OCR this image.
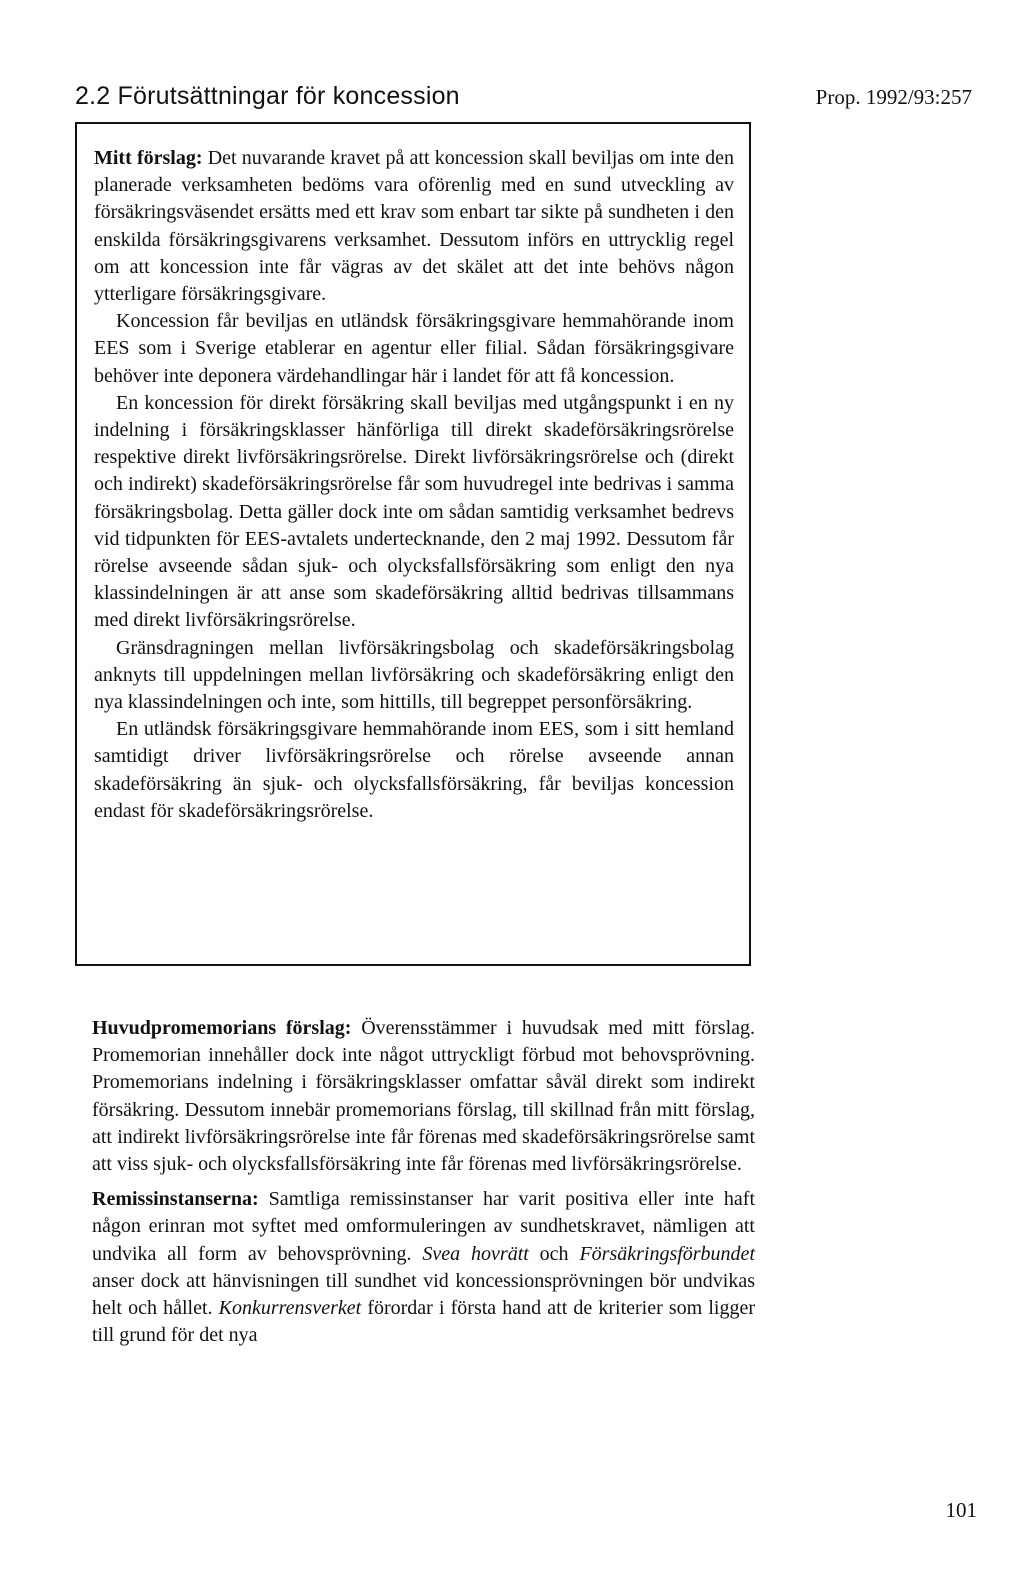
2.2 Förutsättningar för koncession	Prop. 1992/93:257

Mitt förslag: Det nuvarande kravet på att koncession skall beviljas om inte den planerade verksamheten bedöms vara oförenlig med en sund utveckling av försäkringsväsendet ersätts med ett krav som enbart tar sikte på sundheten i den enskilda försäkringsgivarens verksamhet. Dessutom införs en uttrycklig regel om att koncession inte får vägras av det skälet att det inte behövs någon ytterligare försäkringsgivare.

Koncession får beviljas en utländsk försäkringsgivare hemmahörande inom EES som i Sverige etablerar en agentur eller filial. Sådan försäkringsgivare behöver inte deponera värdehandlingar här i landet för att få koncession.

En koncession för direkt försäkring skall beviljas med utgångspunkt i en ny indelning i försäkringsklasser hänförliga till direkt skadeförsäkringsrörelse respektive direkt livförsäkringsrörelse. Direkt livförsäkringsrörelse och (direkt och indirekt) skadeförsäkringsrörelse får som huvudregel inte bedrivas i samma försäkringsbolag. Detta gäller dock inte om sådan samtidig verksamhet bedrevs vid tidpunkten för EES-avtalets undertecknande, den 2 maj 1992. Dessutom får rörelse avseende sådan sjuk- och olycksfallsförsäkring som enligt den nya klassindelningen är att anse som skadeförsäkring alltid bedrivas tillsammans med direkt livförsäkringsrörelse.

Gränsdragningen mellan livförsäkringsbolag och skadeförsäkringsbolag anknyts till uppdelningen mellan livförsäkring och skadeförsäkring enligt den nya klassindelningen och inte, som hittills, till begreppet personförsäkring.

En utländsk försäkringsgivare hemmahörande inom EES, som i sitt hemland samtidigt driver livförsäkringsrörelse och rörelse avseende annan skadeförsäkring än sjuk- och olycksfallsförsäkring, får beviljas koncession endast för skadeförsäkringsrörelse.

Huvudpromemorians förslag: Överensstämmer i huvudsak med mitt förslag. Promemorian innehåller dock inte något uttryckligt förbud mot behovsprövning. Promemorians indelning i försäkringsklasser omfattar såväl direkt som indirekt försäkring. Dessutom innebär promemorians förslag, till skillnad från mitt förslag, att indirekt livförsäkringsrörelse inte får förenas med skadeförsäkringsrörelse samt att viss sjuk- och olycksfallsförsäkring inte får förenas med livförsäkringsrörelse.

Remissinstanserna: Samtliga remissinstanser har varit positiva eller inte haft någon erinran mot syftet med omformuleringen av sundhetskravet, nämligen att undvika all form av behovsprövning. Svea hovrätt och Försäkringsförbundet anser dock att hänvisningen till sundhet vid koncessionsprövningen bör undvikas helt och hållet. Konkurrensverket förordar i första hand att de kriterier som ligger till grund för det nya

101
